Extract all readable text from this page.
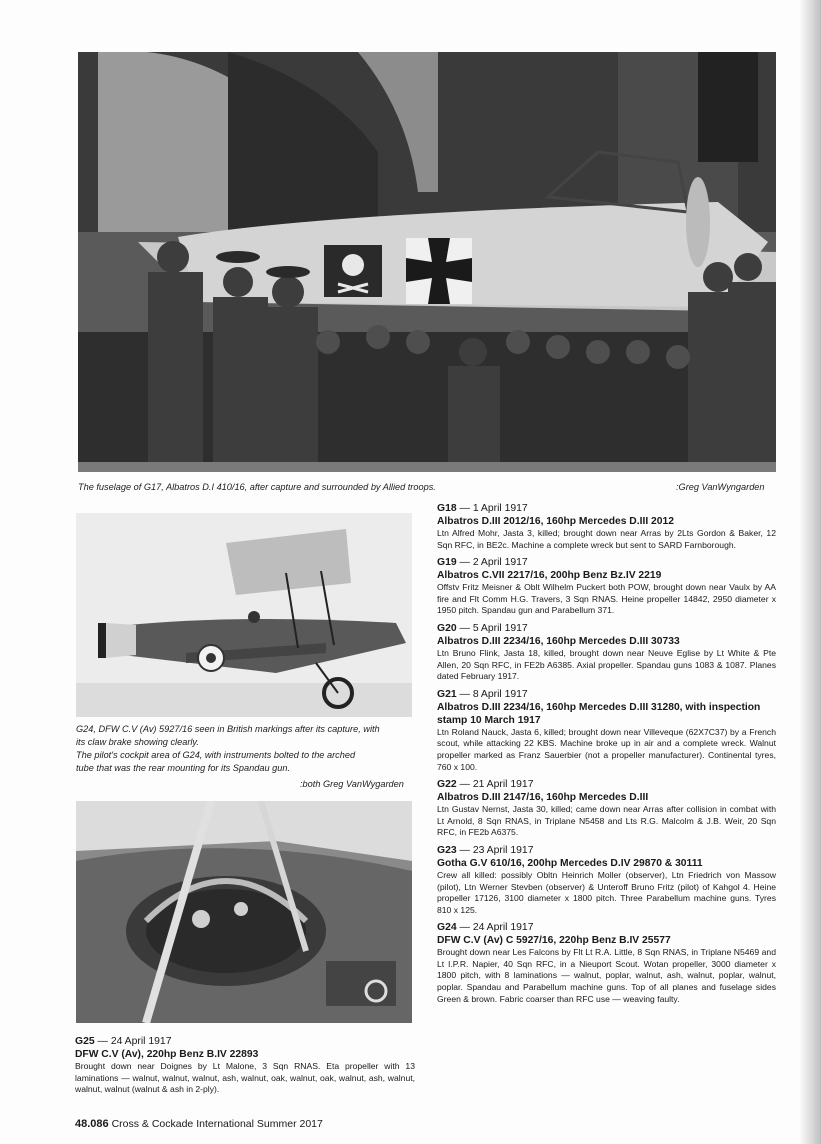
The fuselage of G17, Albatros D.I 410/16, after capture and surrounded by Allied troops.	:Greg VanWyngarden
G24, DFW C.V (Av) 5927/16 seen in British markings after its capture, with
its claw brake showing clearly.
The pilot's cockpit area of G24, with instruments bolted to the arched
tube that was the rear mounting for its Spandau gun.
:both Greg VanWygarden
G18 — 1 April 1917
Albatros D.III 2012/16, 160hp Mercedes D.III 2012
Ltn Alfred Mohr, Jasta 3, killed; brought down near Arras by 2Lts Gordon & Baker, 12 Sqn RFC, in BE2c. Machine a complete wreck but sent to SARD Farnborough.
G19 — 2 April 1917
Albatros C.VII 2217/16, 200hp Benz Bz.IV 2219
Offstv Fritz Meisner & Oblt Wilhelm Puckert both POW, brought down near Vaulx by AA fire and Flt Comm H.G. Travers, 3 Sqn RNAS. Heine propeller 14842, 2950 diameter x 1950 pitch. Spandau gun and Parabellum 371.
G20 — 5 April 1917
Albatros D.III 2234/16, 160hp Mercedes D.III 30733
Ltn Bruno Flink, Jasta 18, killed, brought down near Neuve Eglise by Lt White & Pte Allen, 20 Sqn RFC, in FE2b A6385. Axial propeller. Spandau guns 1083 & 1087. Planes dated February 1917.
G21 — 8 April 1917
Albatros D.III 2234/16, 160hp Mercedes D.III 31280, with inspection stamp 10 March 1917
Ltn Roland Nauck, Jasta 6, killed; brought down near Villeveque (62X7C37) by a French scout, while attacking 22 KBS. Machine broke up in air and a complete wreck. Walnut propeller marked as Franz Sauerbier (not a propeller manufacturer). Continental tyres, 760 x 100.
G22 — 21 April 1917
Albatros D.III 2147/16, 160hp Mercedes D.III
Ltn Gustav Nernst, Jasta 30, killed; came down near Arras after collision in combat with Lt Arnold, 8 Sqn RNAS, in Triplane N5458 and Lts R.G. Malcolm & J.B. Weir, 20 Sqn RFC, in FE2b A6375.
G23 — 23 April 1917
Gotha G.V 610/16, 200hp Mercedes D.IV 29870 & 30111
Crew all killed: possibly Obltn Heinrich Moller (observer), Ltn Friedrich von Massow (pilot), Ltn Werner Stevben (observer) & Unteroff Bruno Fritz (pilot) of Kahgol 4. Heine propeller 17126, 3100 diameter x 1800 pitch. Three Parabellum machine guns. Tyres 810 x 125.
G24 — 24 April 1917
DFW C.V (Av) C 5927/16, 220hp Benz B.IV 25577
Brought down near Les Falcons by Flt Lt R.A. Little, 8 Sqn RNAS, in Triplane N5469 and Lt I.P.R. Napier, 40 Sqn RFC, in a Nieuport Scout. Wotan propeller, 3000 diameter x 1800 pitch, with 8 laminations — walnut, poplar, walnut, ash, walnut, poplar, walnut, poplar. Spandau and Parabellum machine guns. Top of all planes and fuselage sides Green & brown. Fabric coarser than RFC use — weaving faulty.
G25 — 24 April 1917
DFW C.V (Av), 220hp Benz B.IV 22893
Brought down near Doignes by Lt Malone, 3 Sqn RNAS. Eta propeller with 13 laminations — walnut, walnut, walnut, ash, walnut, oak, walnut, oak, walnut, ash, walnut, walnut, walnut (walnut & ash in 2-ply).
48.086 Cross & Cockade International Summer 2017
